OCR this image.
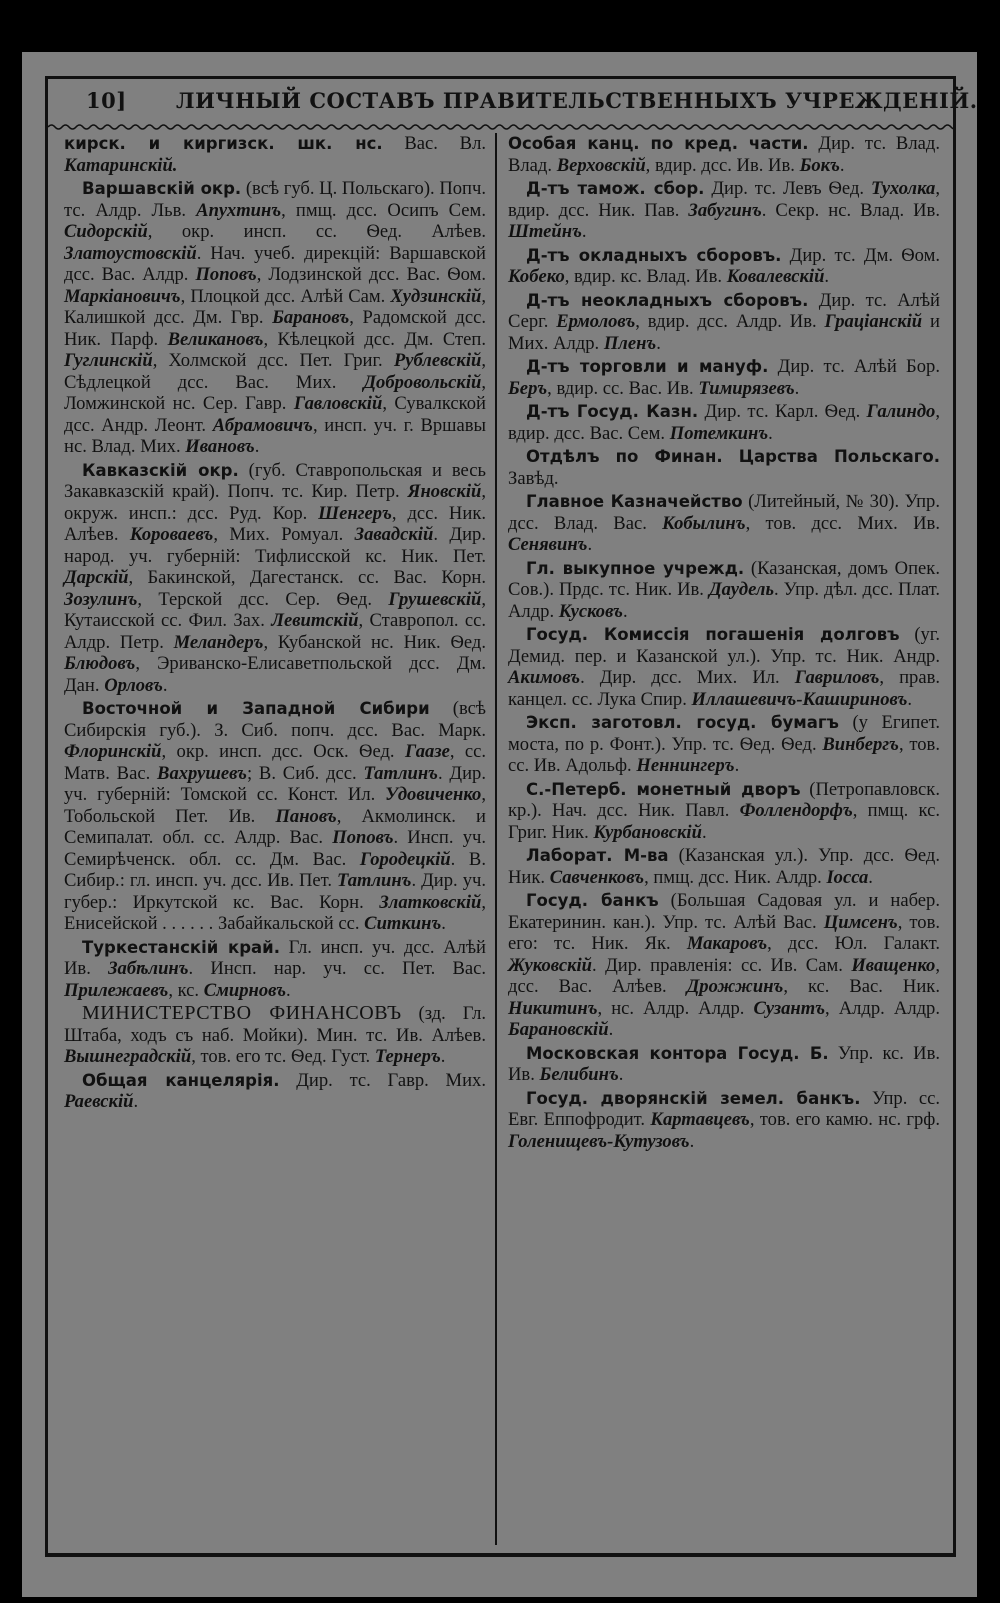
10] ЛИЧНЫЙ СОСТАВЪ ПРАВИТЕЛЬСТВЕННЫХЪ УЧРЕЖДЕНIЙ.

киpcк. и киpгизcк. шк. нс. Вас. Вл. Катаринскій.

Варшавскій окр. (всѣ губ. Ц. Польскаго). Попч. тс. Алдр. Льв. Апухтинъ, пмщ. дсс. Осипъ Сем. Сидорскій, окр. инсп. сс. Ѳед. Алѣев. Златоустовскій. Нач. учеб. дирекцій: Варшавской дсс. Вас. Алдр. Поповъ, Лодзинской дсс. Вас. Ѳом. Маркіановичъ, Плоцкой дсс. Алѣй Сам. Худзинскій, Калишкой дсс. Дм. Гвр. Барановъ, Радомской дсс. Ник. Парф. Великановъ, Кѣлецкой дсс. Дм. Степ. Гуглинскій, Холмской дсс. Пет. Григ. Рублевскій, Сѣдлецкой дсс. Вас. Мих. Добровольскій, Ломжинской нс. Сер. Гавр. Гавловскій, Сувалкской дсс. Андр. Леонт. Абрамовичъ, инсп. уч. г. Вршавы нс. Влад. Мих. Ивановъ.

Кавказскій окр. (губ. Ставропольская и весь Закавказскій край). Попч. тс. Кир. Петр. Яновскій, окруж. инсп.: дсс. Руд. Кор. Шенгеръ, дсс. Ник. Алѣев. Короваевъ, Мих. Ромуал. Завадскій. Дир. народ. уч. губерній: Тифлисской кс. Ник. Пет. Дарскій, Бакинской, Дагестанск. сс. Вас. Корн. Зозулинъ, Терской дсс. Сер. Ѳед. Грушевскій, Кутаисской сс. Фил. Зах. Левитскій, Ставропол. сс. Алдр. Петр. Меландеръ, Кубанской нс. Ник. Ѳед. Блюдовъ, Эриванско-Елисаветпольской дсс. Дм. Дан. Орловъ.

Восточной и Западной Сибири (всѣ Сибирскія губ.). З. Сиб. попч. дсс. Вас. Марк. Флоринскій, окр. инсп. дсс. Оск. Ѳед. Гаазе, сс. Матв. Вас. Вахрушевъ; В. Сиб. дсс. Татлинъ. Дир. уч. губерній: Томской сс. Конст. Ил. Удовиченко, Тобольской Пет. Ив. Пановъ, Акмолинск. и Семипалат. обл. сс. Алдр. Вас. Поповъ. Инсп. уч. Семирѣченск. обл. сс. Дм. Вас. Городецкій. В. Сибир.: гл. инсп. уч. дсс. Ив. Пет. Татлинъ. Дир. уч. губер.: Иркутской кс. Вас. Корн. Златковскій, Енисейской . . . . . . Забайкальской сс. Ситкинъ.

Туркестанскій край. Гл. инсп. уч. дсс. Алѣй Ив. Забѣлинъ. Инсп. нар. уч. сс. Пет. Вас. Прилежаевъ, кс. Смирновъ.

МИНИСТЕРСТВО ФИНАНСОВЪ (зд. Гл. Штаба, ходъ съ наб. Мойки). Мин. тс. Ив. Алѣев. Вышнеградскій, тов. его тс. Ѳед. Густ. Тернеръ.

Общая канцелярія. Дир. тс. Гавр. Мих. Раевскій.

Особая канц. по кред. части. Дир. тс. Влад. Влад. Верховскій, вдир. дсс. Ив. Ив. Бокъ.

Д-тъ тамож. сбор. Дир. тс. Левъ Ѳед. Тухолка, вдир. дсс. Ник. Пав. Забугинъ. Секр. нс. Влад. Ив. Штейнъ.

Д-тъ окладныхъ сборовъ. Дир. тс. Дм. Ѳом. Кобеко, вдир. кс. Влад. Ив. Ковалевскій.

Д-тъ неокладныхъ сборовъ. Дир. тс. Алѣй Серг. Ермоловъ, вдир. дсс. Алдр. Ив. Граціанскій и Мих. Алдр. Пленъ.

Д-тъ торговли и мануф. Дир. тс. Алѣй Бор. Беръ, вдир. сс. Вас. Ив. Тимирязевъ.

Д-тъ Госуд. Казн. Дир. тс. Карл. Ѳед. Галиндо, вдир. дсс. Вас. Сем. Потемкинъ.

Отдѣлъ по Финан. Царства Польскаго. Завѣд.

Главное Казначейство (Литейный, № 30). Упр. дсс. Влад. Вас. Кобылинъ, тов. дсс. Мих. Ив. Сенявинъ.

Гл. выкупное учрежд. (Казанская, домъ Опек. Сов.). Прдс. тс. Ник. Ив. Даудель. Упр. дѣл. дсс. Плат. Алдр. Кусковъ.

Госуд. Комиссія погашенія долговъ (уг. Демид. пер. и Казанской ул.). Упр. тс. Ник. Андр. Акимовъ. Дир. дсс. Мих. Ил. Гавриловъ, прав. канцел. сс. Лука Спир. Иллашевичъ-Кашириновъ.

Эксп. заготовл. госуд. бумагъ (у Египет. моста, по р. Фонт.). Упр. тс. Ѳед. Ѳед. Винбергъ, тов. сс. Ив. Адольф. Неннингеръ.

С.-Петерб. монетный дворъ (Петропавловск. кр.). Нач. дсс. Ник. Павл. Фоллендорфъ, пмщ. кс. Григ. Ник. Курбановскій.

Лаборат. М-ва (Казанская ул.). Упр. дсс. Ѳед. Ник. Савченковъ, пмщ. дсс. Ник. Алдр. Іосса.

Госуд. банкъ (Большая Садовая ул. и набер. Екатеринин. кан.). Упр. тс. Алѣй Вас. Цимсенъ, тов. его: тс. Ник. Як. Макаровъ, дсс. Юл. Галакт. Жуковскій. Дир. правленія: сс. Ив. Сам. Иващенко, дсс. Вас. Алѣев. Дрожжинъ, кс. Вас. Ник. Никитинъ, нс. Алдр. Алдр. Сузантъ, Алдр. Алдр. Барановскій.

Московская контора Госуд. Б. Упр. кс. Ив. Ив. Белибинъ.

Госуд. дворянскій земел. банкъ. Упр. сс. Евг. Еппофродит. Картавцевъ, тов. его камю. нс. грф. Голенищевъ-Кутузовъ.
